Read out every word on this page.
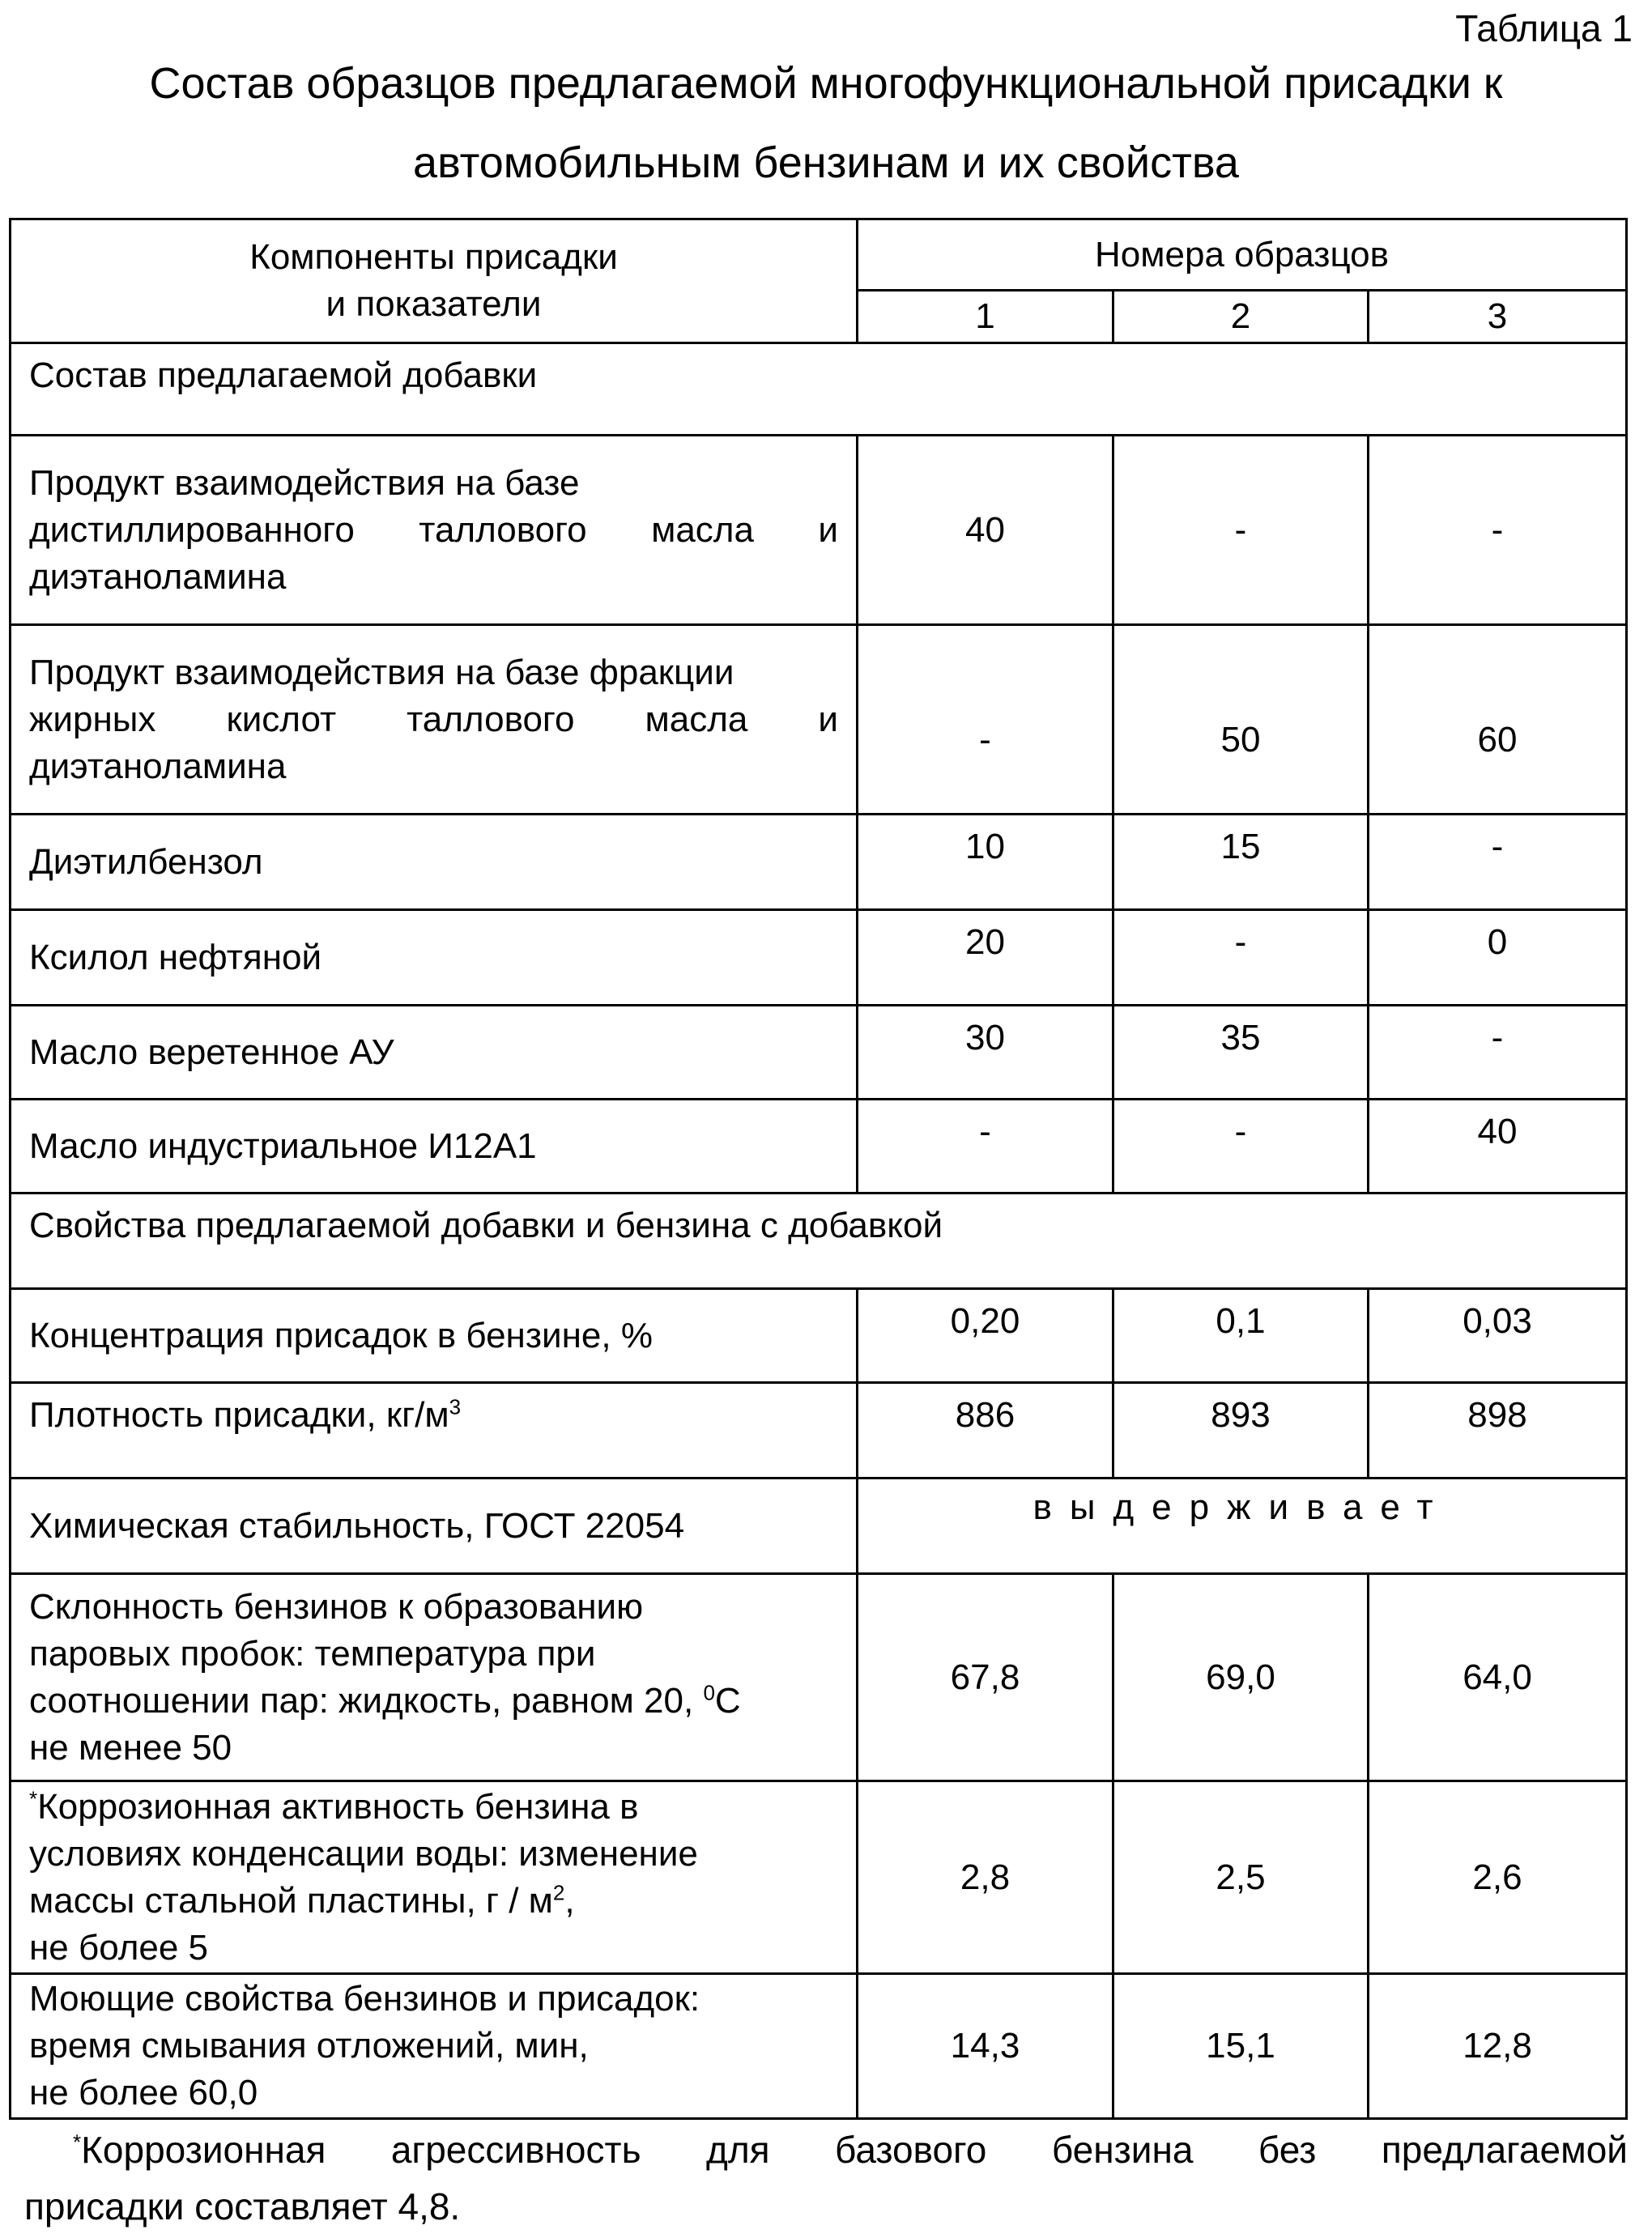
Таблица 1
Состав образцов предлагаемой многофункциональной присадки к
автомобильным бензинам и их свойства
Компоненты присадки
и показатели
	Номера образцов
1	2	3
Состав предлагаемой добавки

Продукт взаимодействия на базе
дистиллированного таллового масла и
диэтаноламина
	40	-	-

Продукт взаимодействия на базе фракции
жирных кислот таллового масла и
диэтаноламина
	-	50	60
Диэтилбензол	10	15	-
Ксилол нефтяной	20	-	0
Масло веретенное АУ	30	35	-
Масло индустриальное И12А1	-	-	40
Свойства предлагаемой добавки и бензина с добавкой
Концентрация присадок в бензине, %	0,20	0,1	0,03
Плотность присадки, кг/м3	886	893	898
Химическая стабильность, ГОСТ 22054	выдерживает

Склонность бензинов к образованию
паровых пробок: температура при
соотношении пар: жидкость, равном 20, 0С
не менее 50
	67,8	69,0	64,0

*Коррозионная активность бензина в
условиях конденсации воды: изменение
массы стальной пластины, г / м2,
не более 5
	2,8	2,5	2,6

Моющие свойства бензинов и присадок:
время смывания отложений, мин,
не более 60,0
	14,3	15,1	12,8
*Коррозионная агрессивность для базового бензина без предлагаемой
присадки составляет 4,8.
